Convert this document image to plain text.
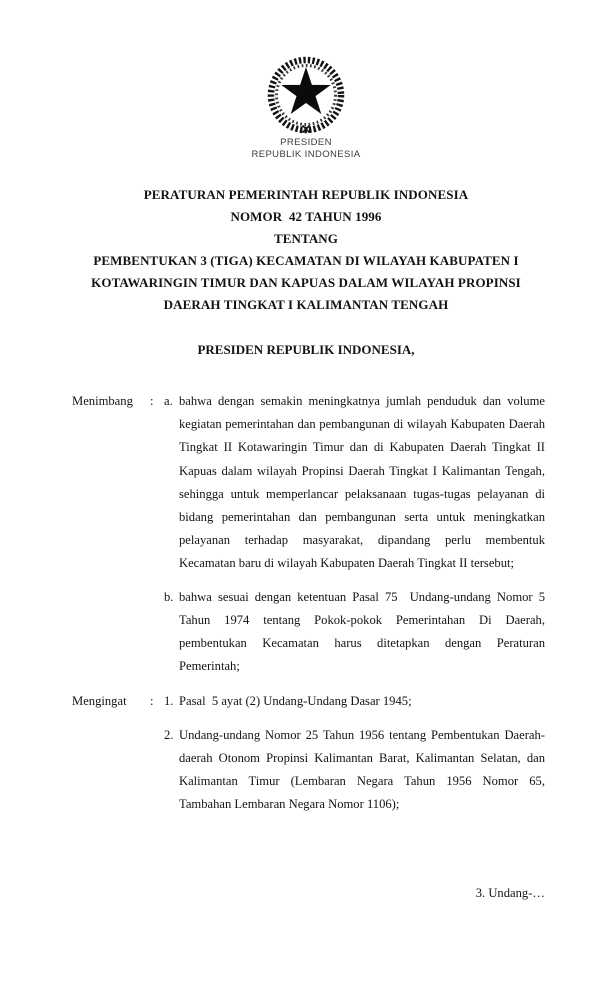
PRESIDEN
REPUBLIK INDONESIA
PERATURAN PEMERINTAH REPUBLIK INDONESIA
NOMOR  42 TAHUN 1996
TENTANG
PEMBENTUKAN 3 (TIGA) KECAMATAN DI WILAYAH KABUPATEN I
KOTAWARINGIN TIMUR DAN KAPUAS DALAM WILAYAH PROPINSI
DAERAH TINGKAT I KALIMANTAN TENGAH
PRESIDEN REPUBLIK INDONESIA,
Menimbang	: a. bahwa dengan semakin meningkatnya jumlah penduduk dan volume kegiatan pemerintahan dan pembangunan di wilayah Kabupaten Daerah Tingkat II Kotawaringin Timur dan di Kabupaten Daerah Tingkat II Kapuas dalam wilayah Propinsi Daerah Tingkat I Kalimantan Tengah, sehingga untuk memperlancar pelaksanaan tugas-tugas pelayanan di bidang pemerintahan dan pembangunan serta untuk meningkatkan pelayanan terhadap masyarakat, dipandang perlu membentuk Kecamatan baru di wilayah Kabupaten Daerah Tingkat II tersebut;
b. bahwa sesuai dengan ketentuan Pasal 75  Undang-undang Nomor 5 Tahun 1974 tentang Pokok-pokok Pemerintahan Di Daerah, pembentukan Kecamatan harus ditetapkan dengan Peraturan Pemerintah;
Mengingat	: 1. Pasal  5 ayat (2) Undang-Undang Dasar 1945;
2. Undang-undang Nomor 25 Tahun 1956 tentang Pembentukan Daerah-daerah Otonom Propinsi Kalimantan Barat, Kalimantan Selatan, dan Kalimantan Timur (Lembaran Negara Tahun 1956 Nomor 65, Tambahan Lembaran Negara Nomor 1106);
3. Undang-…
